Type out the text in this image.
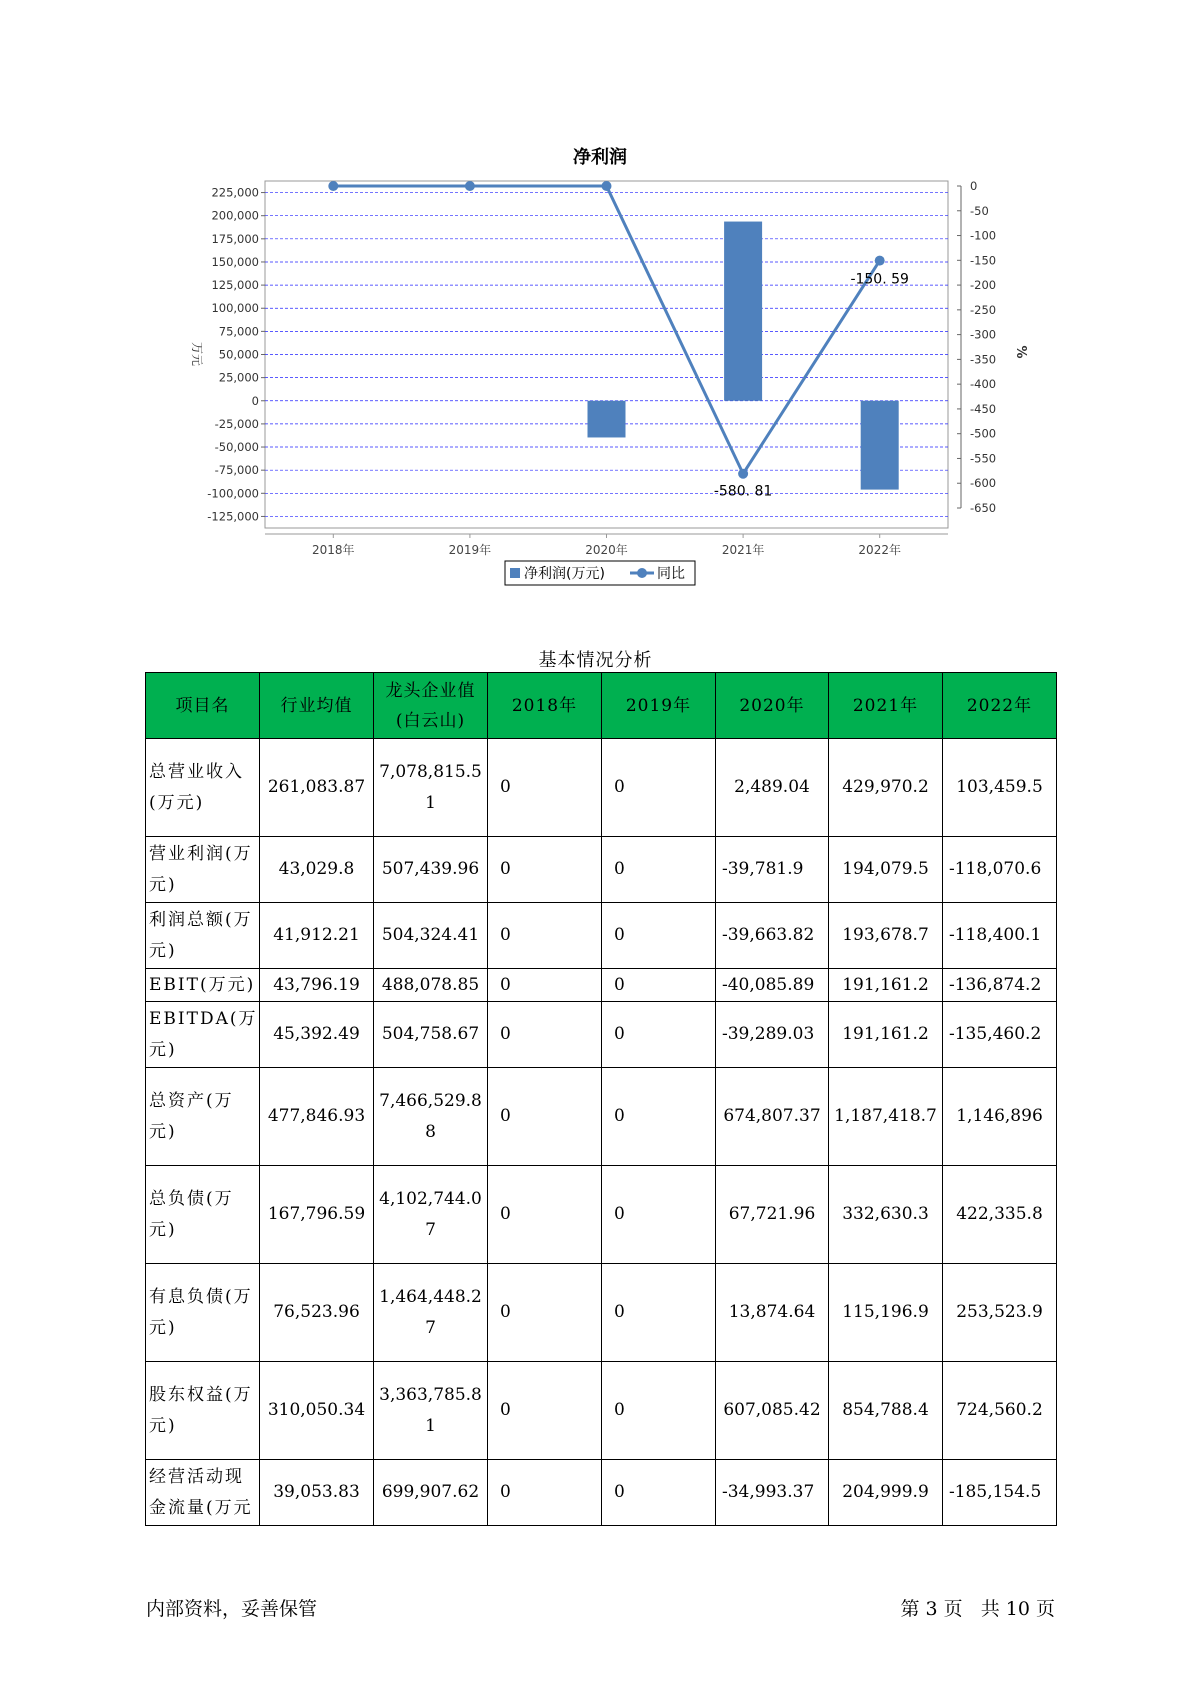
净利润
225,000
200,000
175,000
150,000
125,000
100,000
75,000
50,000
25,000
0
-25,000
-50,000
-75,000
-100,000
-125,000
万元
0
-50
-100
-150
-200
-250
-300
-350
-400
-450
-500
-550
-600
-650
%
2018年	2019年	2020年	2021年	2022年
-580. 81
-150. 59
净利润(万元)	同比
基本情况分析
项目名	行业均值	龙头企业值(白云山)	2018年	2019年	2020年	2021年	2022年
总营业收入(万元)	261,083.87	7,078,815.51	0	0	2,489.04	429,970.2	103,459.5
营业利润(万元)	43,029.8	507,439.96	0	0	-39,781.9	194,079.5	-118,070.6
利润总额(万元)	41,912.21	504,324.41	0	0	-39,663.82	193,678.7	-118,400.1
EBIT(万元)	43,796.19	488,078.85	0	0	-40,085.89	191,161.2	-136,874.2
EBITDA(万元)	45,392.49	504,758.67	0	0	-39,289.03	191,161.2	-135,460.2
总资产(万元)	477,846.93	7,466,529.88	0	0	674,807.37	1,187,418.7	1,146,896
总负债(万元)	167,796.59	4,102,744.07	0	0	67,721.96	332,630.3	422,335.8
有息负债(万元)	76,523.96	1,464,448.27	0	0	13,874.64	115,196.9	253,523.9
股东权益(万元)	310,050.34	3,363,785.81	0	0	607,085.42	854,788.4	724,560.2
经营活动现金流量(万元	39,053.83	699,907.62	0	0	-34,993.37	204,999.9	-185,154.5
内部资料，妥善保管	第 3 页   共 10 页
